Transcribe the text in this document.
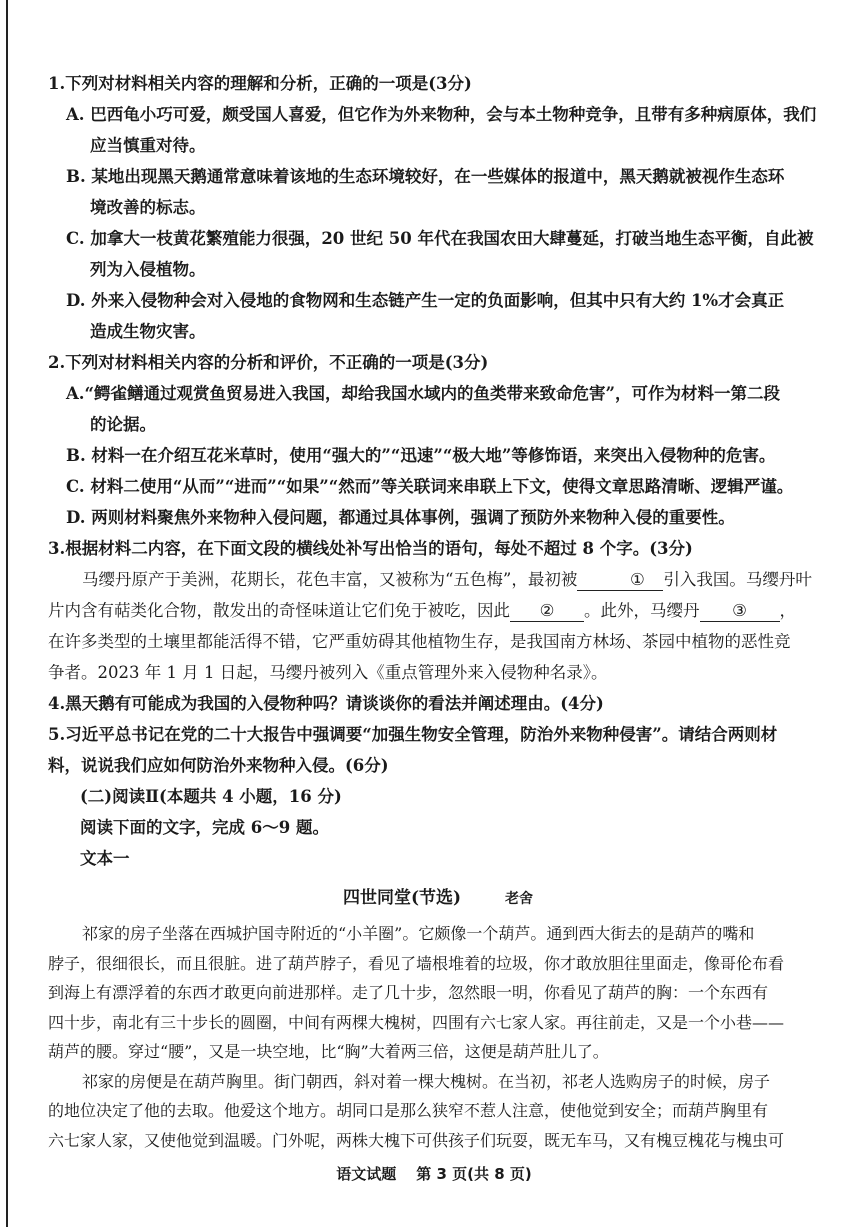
1.下列对材料相关内容的理解和分析，正确的一项是(3分)
A. 巴西龟小巧可爱，颇受国人喜爱，但它作为外来物种，会与本土物种竞争，且带有多种病原体，我们
应当慎重对待。
B. 某地出现黑天鹅通常意味着该地的生态环境较好，在一些媒体的报道中，黑天鹅就被视作生态环
境改善的标志。
C. 加拿大一枝黄花繁殖能力很强，20 世纪 50 年代在我国农田大肆蔓延，打破当地生态平衡，自此被
列为入侵植物。
D. 外来入侵物种会对入侵地的食物网和生态链产生一定的负面影响，但其中只有大约 1%才会真正
造成生物灾害。
2.下列对材料相关内容的分析和评价，不正确的一项是(3分)
A.“鳄雀鳝通过观赏鱼贸易进入我国，却给我国水域内的鱼类带来致命危害”，可作为材料一第二段
的论据。
B. 材料一在介绍互花米草时，使用“强大的”“迅速”“极大地”等修饰语，来突出入侵物种的危害。
C. 材料二使用“从而”“进而”“如果”“然而”等关联词来串联上下文，使得文章思路清晰、逻辑严谨。
D. 两则材料聚焦外来物种入侵问题，都通过具体事例，强调了预防外来物种入侵的重要性。
3.根据材料二内容，在下面文段的横线处补写出恰当的语句，每处不超过 8 个字。(3分)
马缨丹原产于美洲，花期长，花色丰富，又被称为“五色梅”，最初被	① 引入我国。马缨丹叶
片内含有萜类化合物，散发出的奇怪味道让它们免于被吃，因此 ② 。此外，马缨丹 ③ ，
在许多类型的土壤里都能活得不错，它严重妨碍其他植物生存，是我国南方林场、茶园中植物的恶性竞
争者。2023 年 1 月 1 日起，马缨丹被列入《重点管理外来入侵物种名录》。
4.黑天鹅有可能成为我国的入侵物种吗？请谈谈你的看法并阐述理由。(4分)
5.习近平总书记在党的二十大报告中强调要“加强生物安全管理，防治外来物种侵害”。请结合两则材
料，说说我们应如何防治外来物种入侵。(6分)
(二)阅读Ⅱ(本题共 4 小题，16 分)
阅读下面的文字，完成 6～9 题。
文本一
四世同堂(节选)	老舍
祁家的房子坐落在西城护国寺附近的“小羊圈”。它颇像一个葫芦。通到西大街去的是葫芦的嘴和
脖子，很细很长，而且很脏。进了葫芦脖子，看见了墙根堆着的垃圾，你才敢放胆往里面走，像哥伦布看
到海上有漂浮着的东西才敢更向前进那样。走了几十步，忽然眼一明，你看见了葫芦的胸：一个东西有
四十步，南北有三十步长的圆圈，中间有两棵大槐树，四围有六七家人家。再往前走，又是一个小巷——
葫芦的腰。穿过“腰”，又是一块空地，比“胸”大着两三倍，这便是葫芦肚儿了。
祁家的房便是在葫芦胸里。街门朝西，斜对着一棵大槐树。在当初，祁老人选购房子的时候，房子
的地位决定了他的去取。他爱这个地方。胡同口是那么狭窄不惹人注意，使他觉到安全；而葫芦胸里有
六七家人家，又使他觉到温暖。门外呢，两株大槐下可供孩子们玩耍，既无车马，又有槐豆槐花与槐虫可
语文试题 第 3 页(共 8 页)
